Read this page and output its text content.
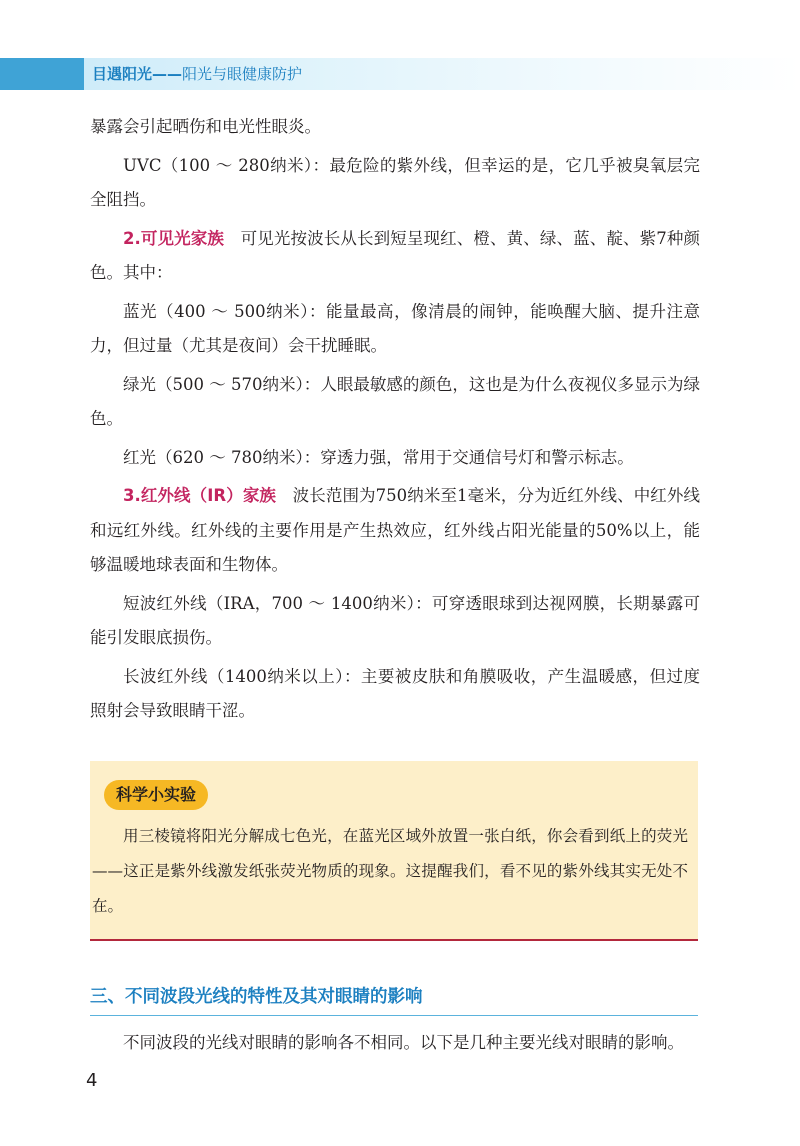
目遇阳光——阳光与眼健康防护

暴露会引起晒伤和电光性眼炎。

UVC（100 ～ 280纳米）：最危险的紫外线，但幸运的是，它几乎被臭氧层完全阻挡。

2.可见光家族　可见光按波长从长到短呈现红、橙、黄、绿、蓝、靛、紫7种颜色。其中：

蓝光（400 ～ 500纳米）：能量最高，像清晨的闹钟，能唤醒大脑、提升注意力，但过量（尤其是夜间）会干扰睡眠。

绿光（500 ～ 570纳米）：人眼最敏感的颜色，这也是为什么夜视仪多显示为绿色。

红光（620 ～ 780纳米）：穿透力强，常用于交通信号灯和警示标志。

3.红外线（IR）家族　波长范围为750纳米至1毫米，分为近红外线、中红外线和远红外线。红外线的主要作用是产生热效应，红外线占阳光能量的50%以上，能够温暖地球表面和生物体。

短波红外线（IRA，700 ～ 1400纳米）：可穿透眼球到达视网膜，长期暴露可能引发眼底损伤。

长波红外线（1400纳米以上）：主要被皮肤和角膜吸收，产生温暖感，但过度照射会导致眼睛干涩。

科学小实验

用三棱镜将阳光分解成七色光，在蓝光区域外放置一张白纸，你会看到纸上的荧光——这正是紫外线激发纸张荧光物质的现象。这提醒我们，看不见的紫外线其实无处不在。

三、不同波段光线的特性及其对眼睛的影响

不同波段的光线对眼睛的影响各不相同。以下是几种主要光线对眼睛的影响。

4
